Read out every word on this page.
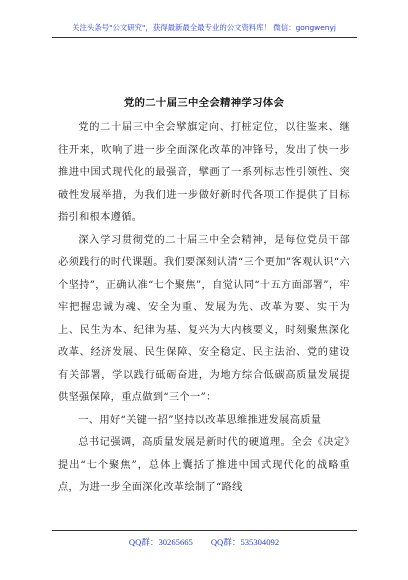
关注头条号"公文研究"，获得最新最全最专业的公文资料库！ 微信：gongwenyj
党的二十届三中全会精神学习体会

党的二十届三中全会擘旗定向、打桩定位，以往鉴来、继往开来，吹响了进一步全面深化改革的冲锋号，发出了快一步推进中国式现代化的最强音，擘画了一系列标志性引领性、突破性发展举措，为我们进一步做好新时代各项工作提供了目标指引和根本遵循。

深入学习贯彻党的二十届三中全会精神，是每位党员干部必须践行的时代课题。我们要深刻认清“三个更加”客观认识“六个坚持”，正确认准“七个聚焦”，自觉认同“十五方面部署”，牢牢把握忠诚为魂、安全为重、发展为先、改革为要、实干为上、民生为本、纪律为基、复兴为大内核要义，时刻聚焦深化改革、经济发展、民生保障、安全稳定、民主法治、党的建设有关部署，学以践行砥砺奋进，为地方综合低碳高质量发展提供坚强保障，重点做到“三个一”：

一、用好“关键一招”坚持以改革思维推进发展高质量

总书记强调，高质量发展是新时代的硬道理。全会《决定》提出“七个聚焦”，总体上囊括了推进中国式现代化的战略重点，为进一步全面深化改革绘制了“路线

QQ群：30265665 QQ群：535304092
